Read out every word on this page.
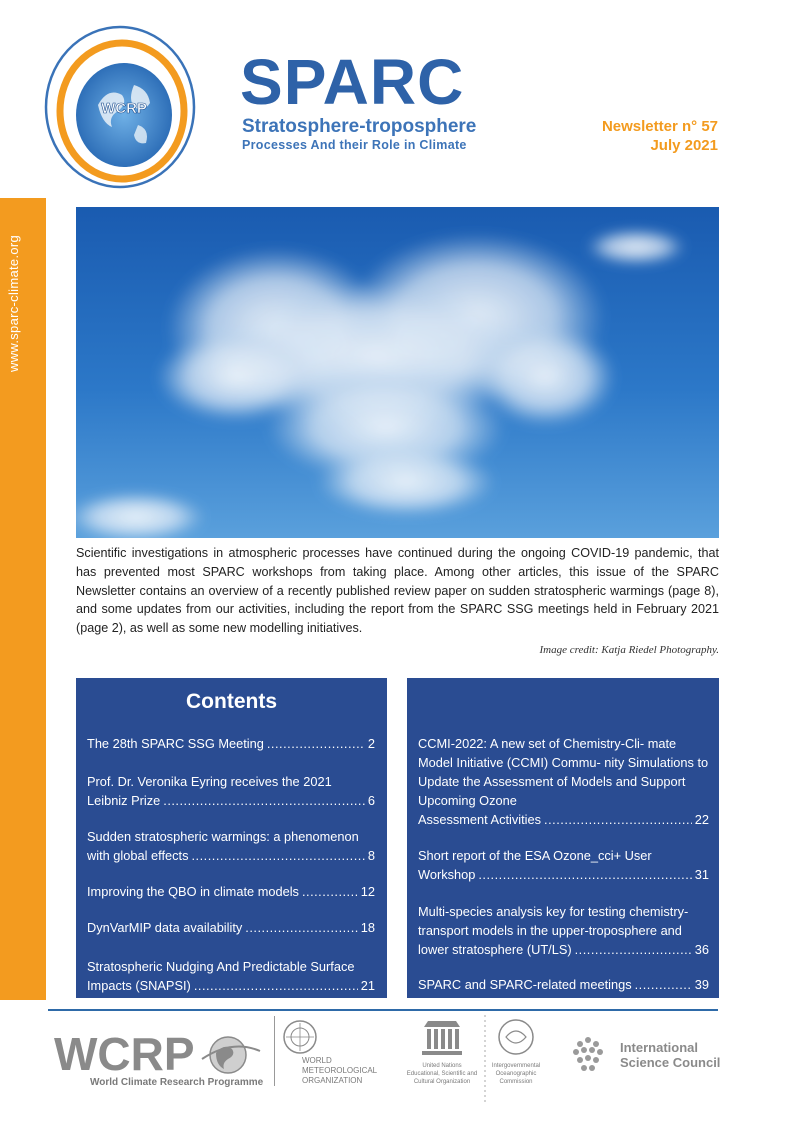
WCRP SPARC
Stratosphere-troposphere
Processes And their Role in Climate
Newsletter n° 57
July 2021
www.sparc-climate.org
Scientific investigations in atmospheric processes have continued during the ongoing COVID-19 pandemic, that has prevented most SPARC workshops from taking place. Among other articles, this issue of the SPARC Newsletter contains an overview of a recently published review paper on sudden stratospheric warmings (page 8), and some updates from our activities, including the report from the SPARC SSG meetings held in February 2021 (page 2), as well as some new modelling initiatives.
Image credit: Katja Riedel Photography.
Contents
The 28th SPARC SSG Meeting .....	2
Prof. Dr. Veronika Eyring receives the 2021
Leibniz Prize .....	6
Sudden stratospheric warmings: a phenomenon
with global effects .....	8
Improving the QBO in climate models .....	12
DynVarMIP data availability .....	18
Stratospheric Nudging And Predictable Surface
Impacts (SNAPSI) .....	21
CCMI-2022: A new set of Chemistry-Cli- mate Model Initiative (CCMI) Commu- nity Simulations to Update the Assessment of Models and Support Upcoming Ozone
Assessment Activities .....	22
Short report of the ESA Ozone_cci+ User
Workshop .....	31
Multi-species analysis key for testing chemistry- transport models in the upper-troposphere and
lower stratosphere (UT/LS) .....	36
SPARC and SPARC-related meetings .....	39
WCRP
World Climate Research Programme
WORLD
METEOROLOGICAL
ORGANIZATION
United Nations
Educational, Scientific and
Cultural Organization
Intergovernmental
Oceanographic
Commission
International
Science Council
